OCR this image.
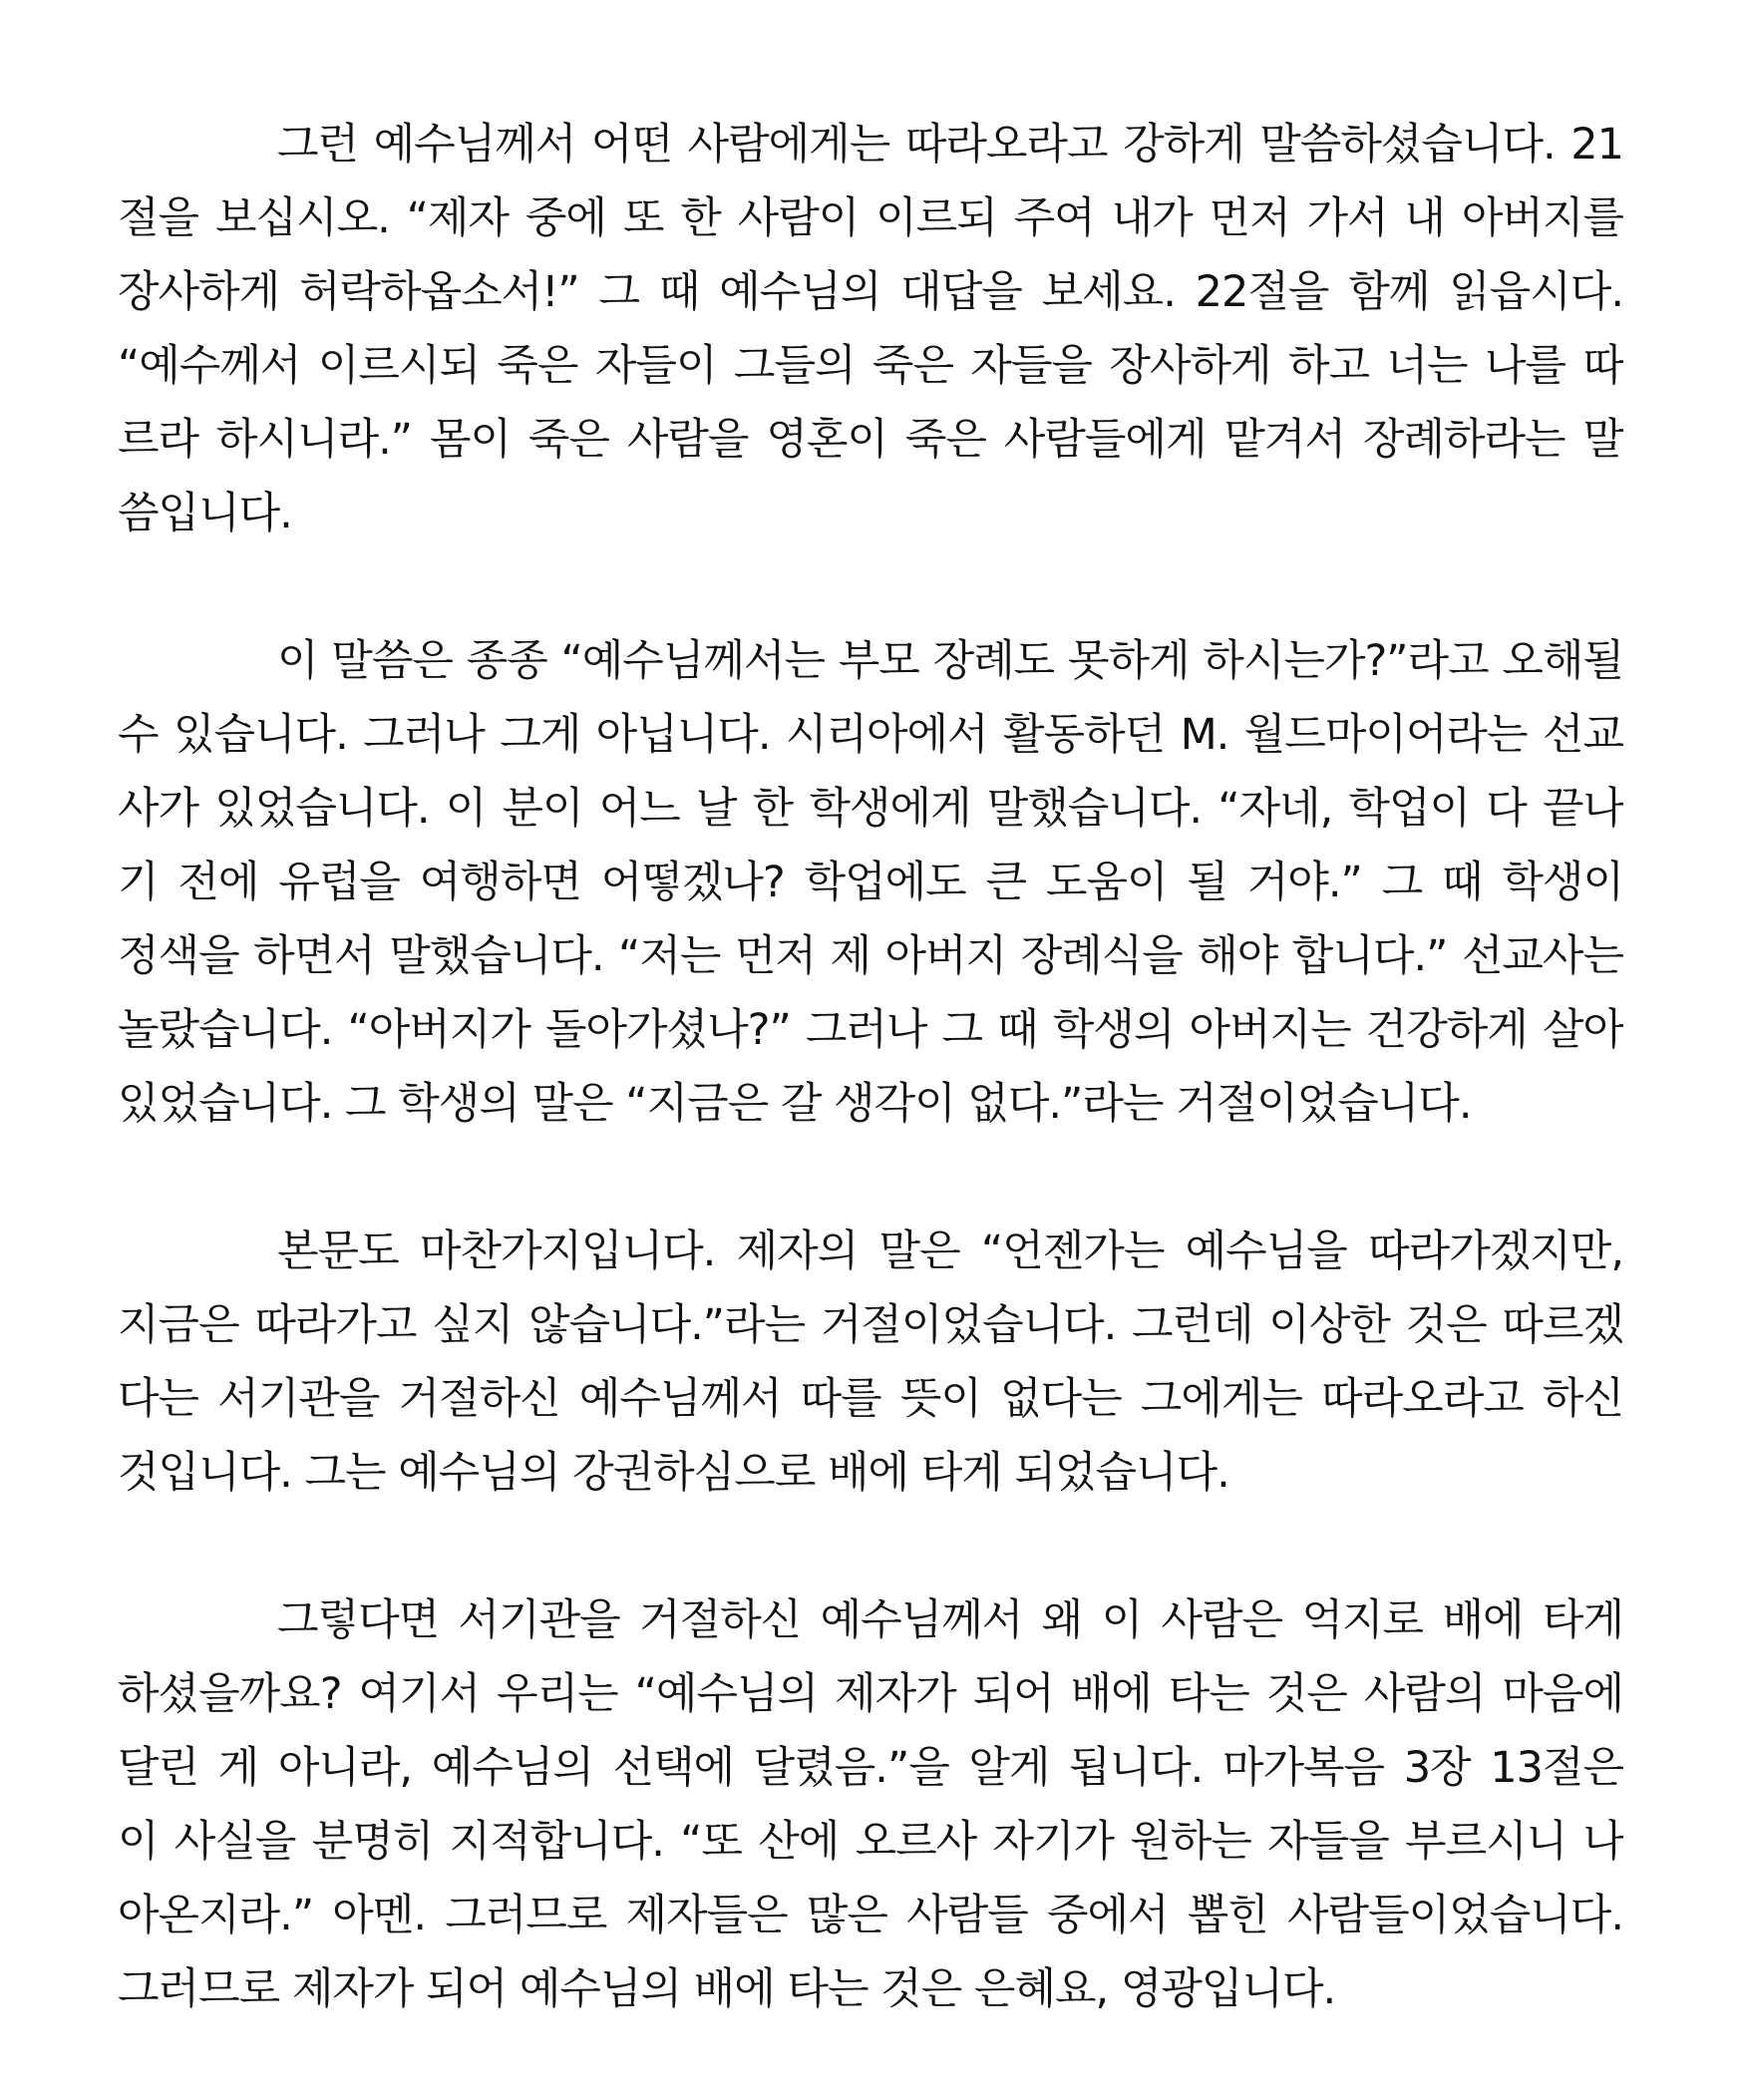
그런 예수님께서 어떤 사람에게는 따라오라고 강하게 말씀하셨습니다. 21
절을 보십시오. “제자 중에 또 한 사람이 이르되 주여 내가 먼저 가서 내 아버지를
장사하게 허락하옵소서!” 그 때 예수님의 대답을 보세요. 22절을 함께 읽읍시다.
“예수께서 이르시되 죽은 자들이 그들의 죽은 자들을 장사하게 하고 너는 나를 따
르라 하시니라.” 몸이 죽은 사람을 영혼이 죽은 사람들에게 맡겨서 장례하라는 말
씀입니다.
이 말씀은 종종 “예수님께서는 부모 장례도 못하게 하시는가?”라고 오해될
수 있습니다. 그러나 그게 아닙니다. 시리아에서 활동하던 M. 월드마이어라는 선교
사가 있었습니다. 이 분이 어느 날 한 학생에게 말했습니다. “자네, 학업이 다 끝나
기 전에 유럽을 여행하면 어떻겠나? 학업에도 큰 도움이 될 거야.” 그 때 학생이
정색을 하면서 말했습니다. “저는 먼저 제 아버지 장례식을 해야 합니다.” 선교사는
놀랐습니다. “아버지가 돌아가셨나?” 그러나 그 때 학생의 아버지는 건강하게 살아
있었습니다. 그 학생의 말은 “지금은 갈 생각이 없다.”라는 거절이었습니다.
본문도 마찬가지입니다. 제자의 말은 “언젠가는 예수님을 따라가겠지만,
지금은 따라가고 싶지 않습니다.”라는 거절이었습니다. 그런데 이상한 것은 따르겠
다는 서기관을 거절하신 예수님께서 따를 뜻이 없다는 그에게는 따라오라고 하신
것입니다. 그는 예수님의 강권하심으로 배에 타게 되었습니다.
그렇다면 서기관을 거절하신 예수님께서 왜 이 사람은 억지로 배에 타게
하셨을까요? 여기서 우리는 “예수님의 제자가 되어 배에 타는 것은 사람의 마음에
달린 게 아니라, 예수님의 선택에 달렸음.”을 알게 됩니다. 마가복음 3장 13절은
이 사실을 분명히 지적합니다. “또 산에 오르사 자기가 원하는 자들을 부르시니 나
아온지라.” 아멘. 그러므로 제자들은 많은 사람들 중에서 뽑힌 사람들이었습니다.
그러므로 제자가 되어 예수님의 배에 타는 것은 은혜요, 영광입니다.
